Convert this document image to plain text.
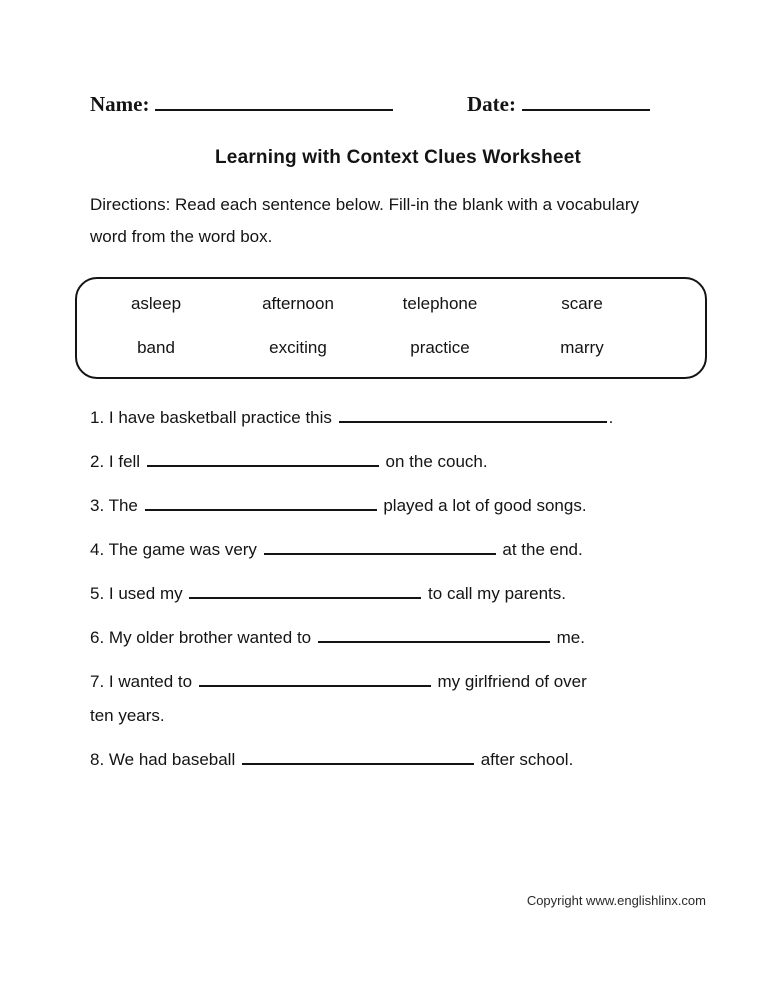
Name:	Date:
Learning with Context Clues Worksheet

Directions: Read each sentence below. Fill-in the blank with a vocabulary word from the word box.

asleep	afternoon	telephone	scare
band	exciting	practice	marry
1. I have basketball practice this	.
2. I fell	on the couch.
3. The	played a lot of good songs.
4. The game was very	at the end.
5. I used my	to call my parents.
6. My older brother wanted to	me.
7. I wanted to	my girlfriend of over
ten years.
8. We had baseball	after school.
Copyright www.englishlinx.com
